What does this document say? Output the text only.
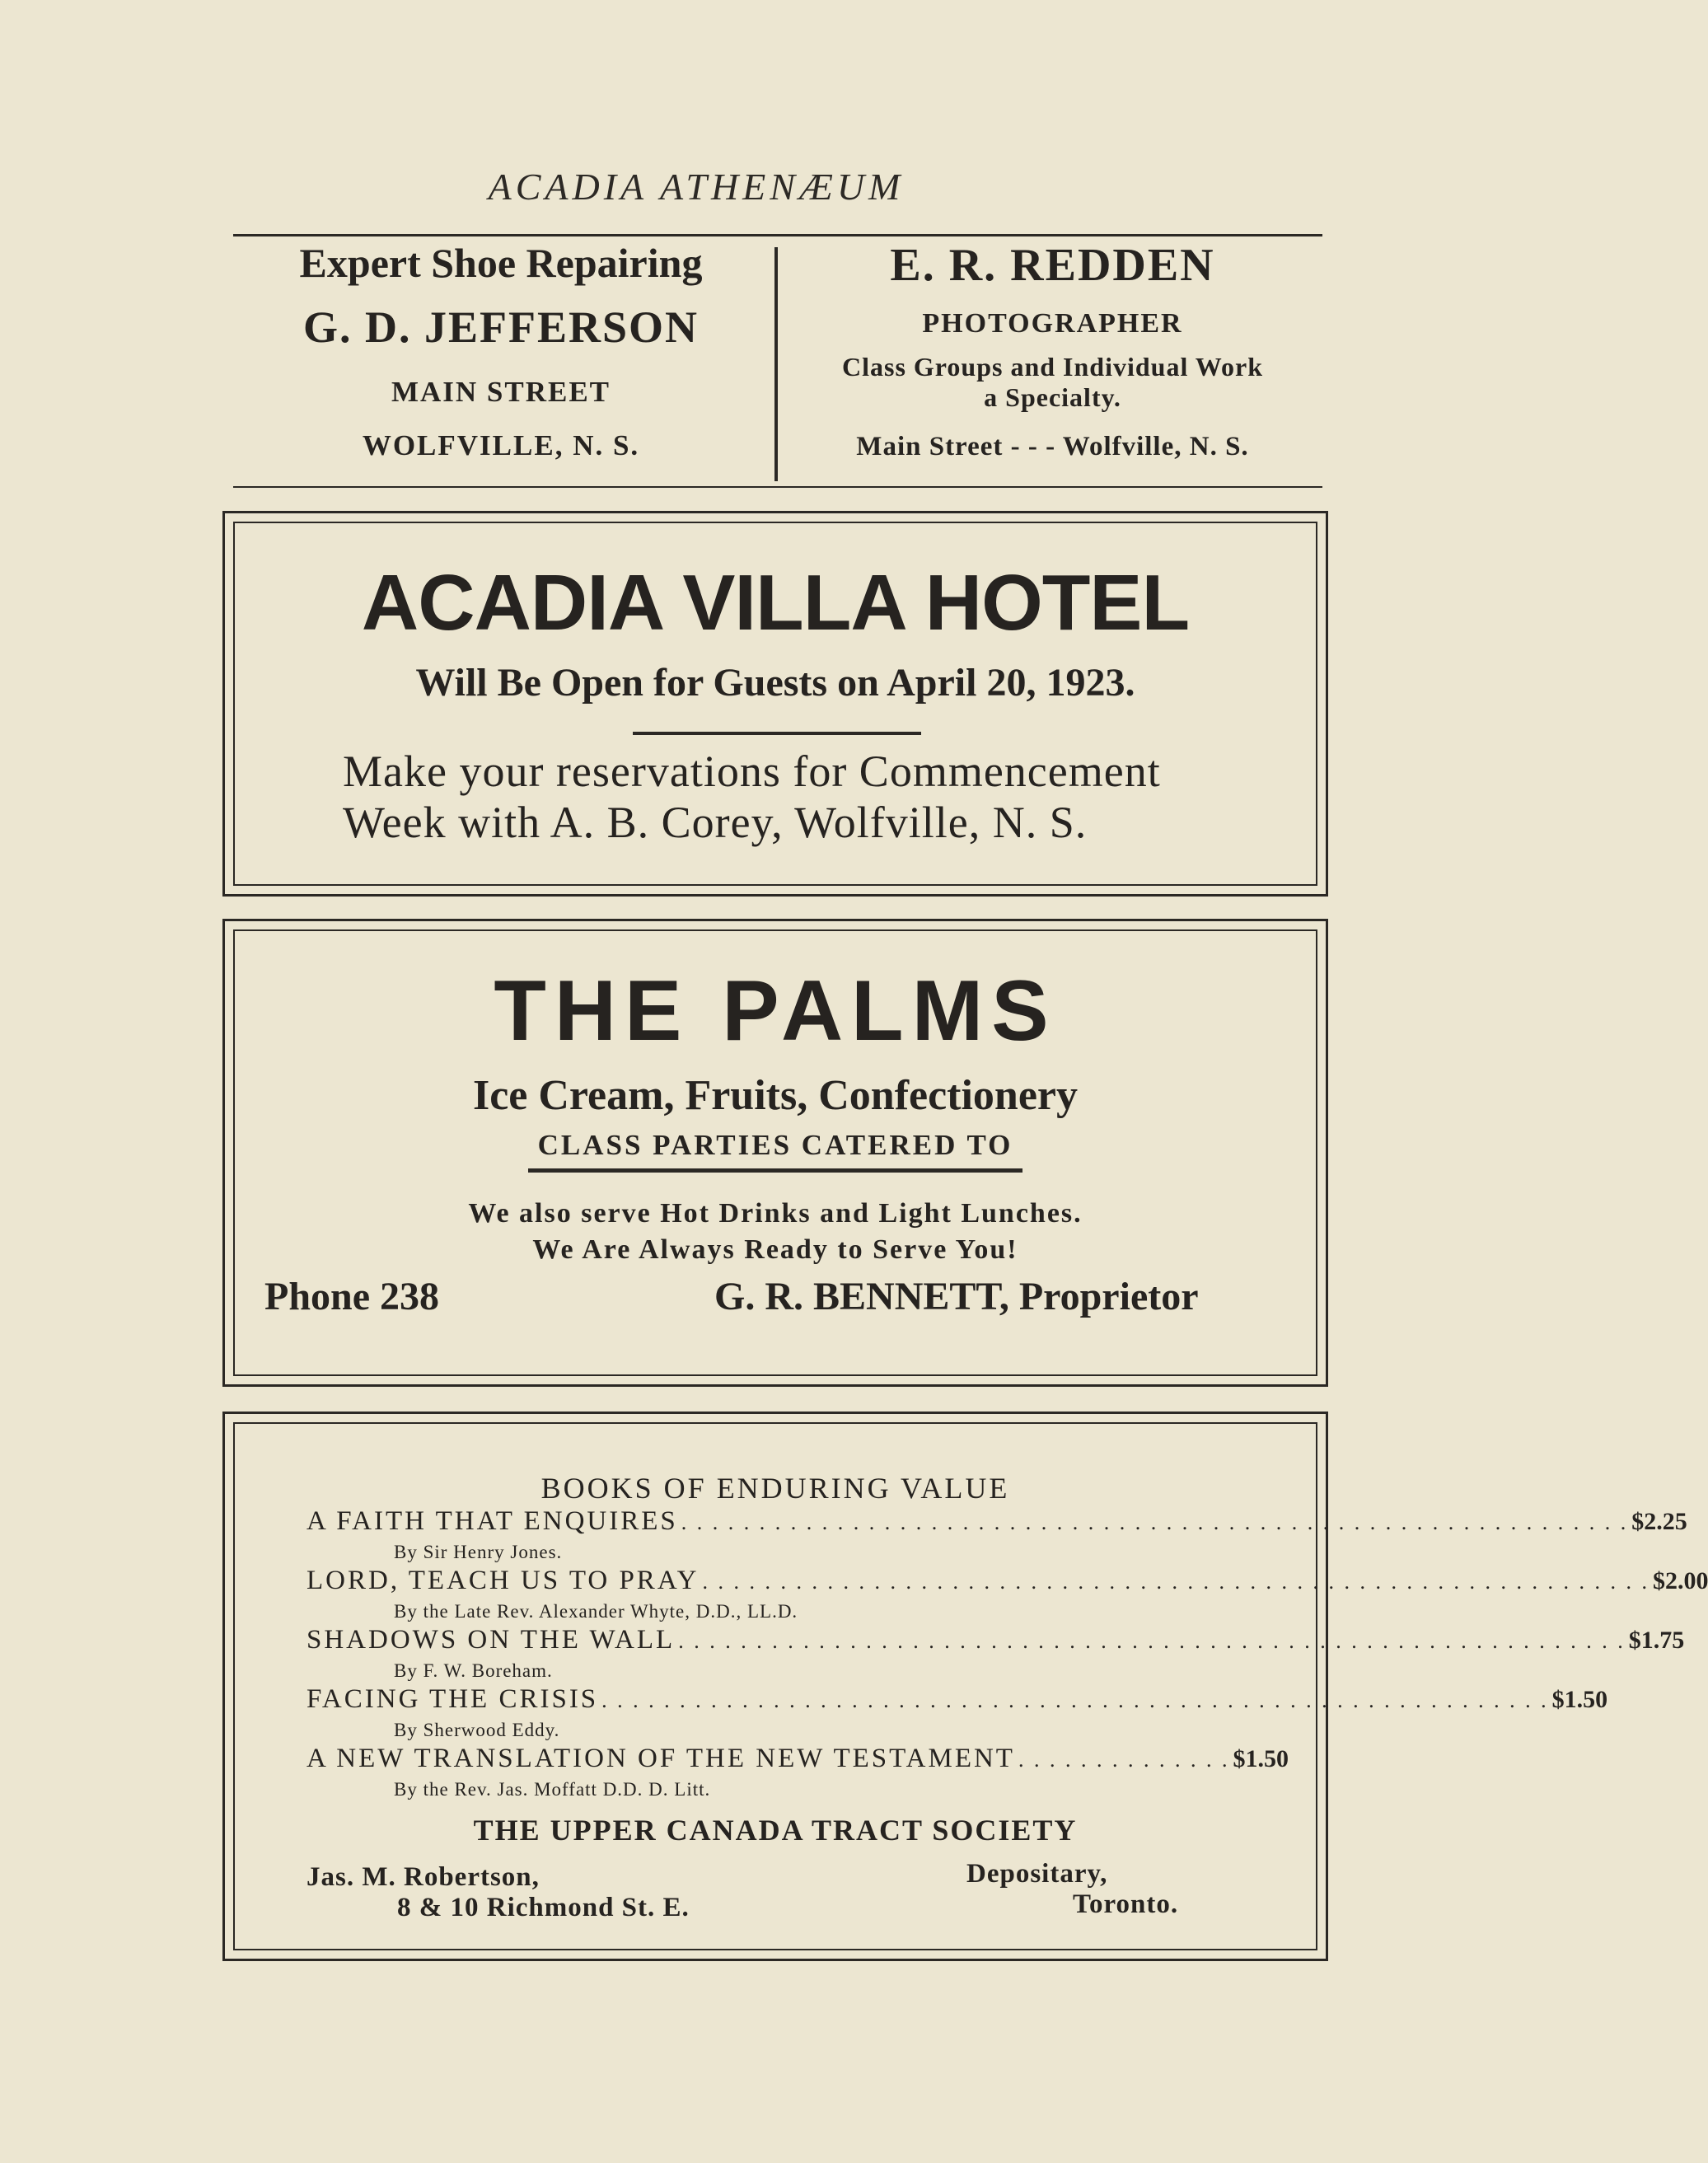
ACADIA ATHENÆUM
Expert Shoe Repairing
G. D. JEFFERSON
MAIN STREET
WOLFVILLE, N. S.
E. R. REDDEN
PHOTOGRAPHER
Class Groups and Individual Work
a Specialty.
Main Street - - - Wolfville, N. S.
ACADIA VILLA HOTEL
Will Be Open for Guests on April 20, 1923.
Make your reservations for Commencement
Week with A. B. Corey, Wolfville, N. S.
THE PALMS
Ice Cream, Fruits, Confectionery
CLASS PARTIES CATERED TO
We also serve Hot Drinks and Light Lunches.
We Are Always Ready to Serve You!
Phone 238	G. R. BENNETT, Proprietor
BOOKS OF ENDURING VALUE
A FAITH THAT ENQUIRES . . . . . . . . . . . . . . . . . . . . . . . . . . . . . . . . . . . . . . . . . . . . . . . . . . . . . . . . . . . . . $2.25
By Sir Henry Jones.
LORD, TEACH US TO PRAY . . . . . . . . . . . . . . . . . . . . . . . . . . . . . . . . . . . . . . . . . . . . . . . . . . . . . . . . . . . . . $2.00
By the Late Rev. Alexander Whyte, D.D., LL.D.
SHADOWS ON THE WALL . . . . . . . . . . . . . . . . . . . . . . . . . . . . . . . . . . . . . . . . . . . . . . . . . . . . . . . . . . . . . $1.75
By F. W. Boreham.
FACING THE CRISIS . . . . . . . . . . . . . . . . . . . . . . . . . . . . . . . . . . . . . . . . . . . . . . . . . . . . . . . . . . . . . $1.50
By Sherwood Eddy.
A NEW TRANSLATION OF THE NEW TESTAMENT . . . . . . . . . . . . . . $1.50
By the Rev. Jas. Moffatt D.D. D. Litt.
THE UPPER CANADA TRACT SOCIETY
Jas. M. Robertson,
8 & 10 Richmond St. E.
Depositary,
Toronto.
